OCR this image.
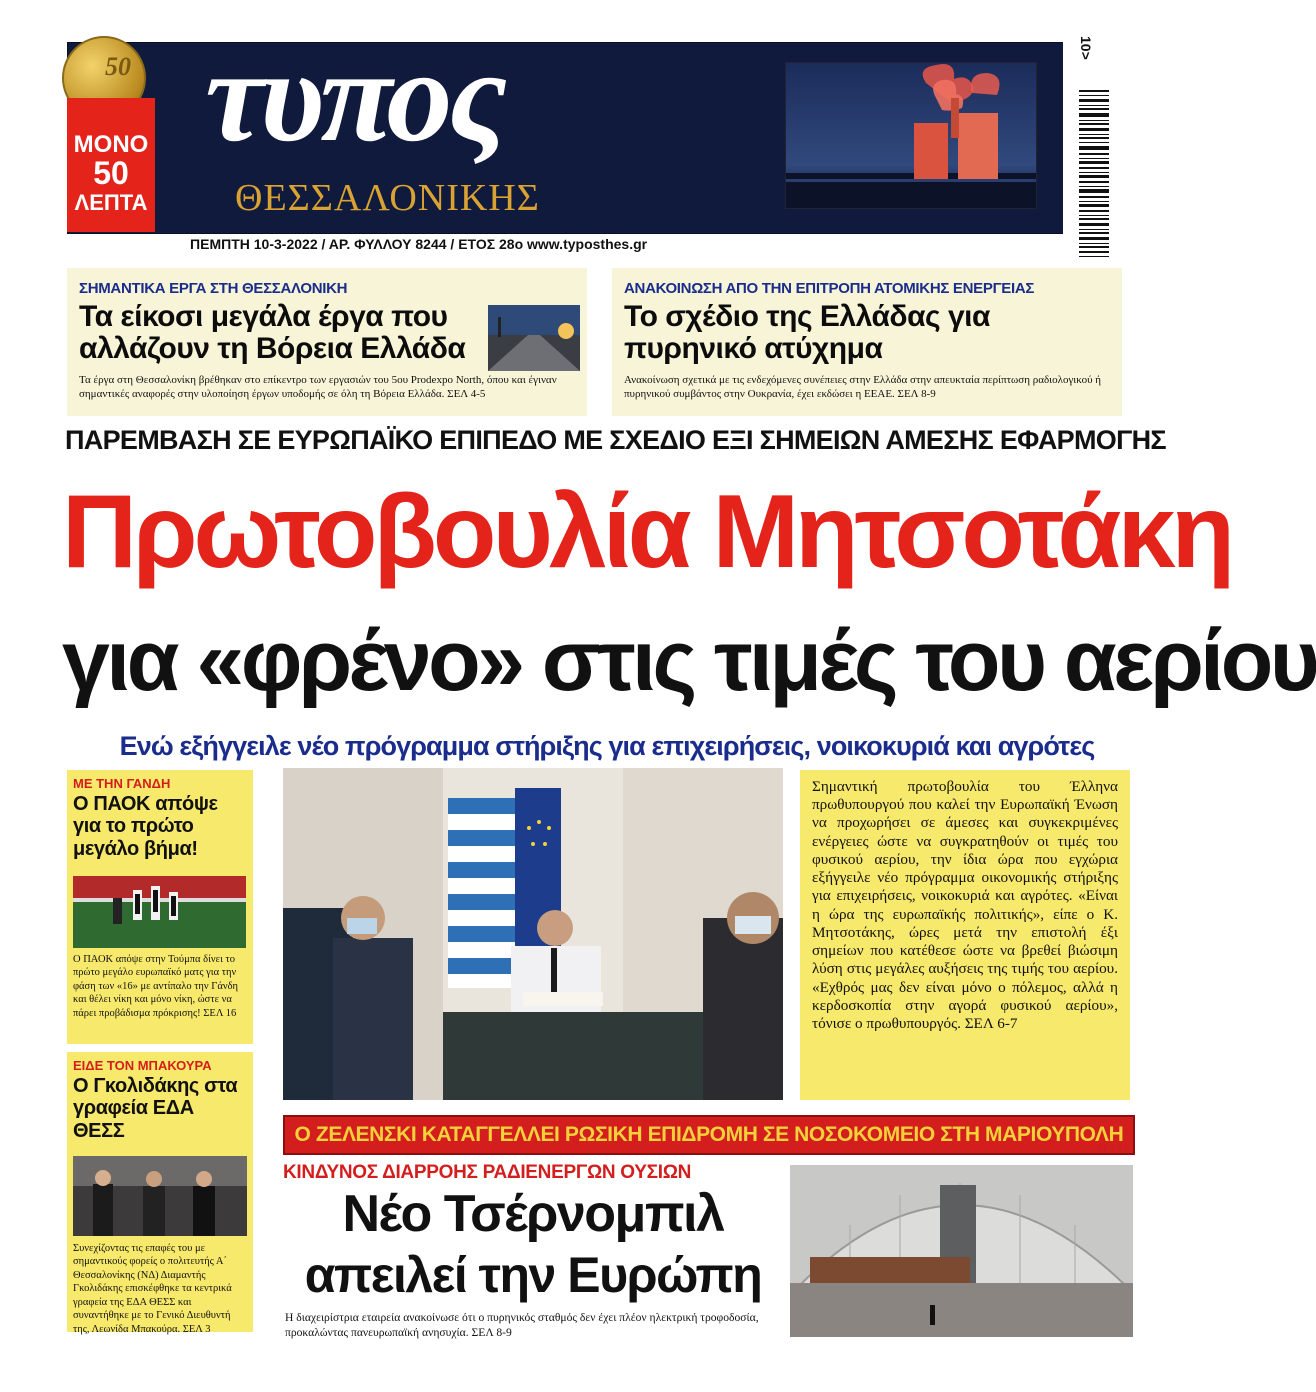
50
ΜΟΝΟ
50
ΛΕΠΤΑ
τυπος
ΘΕΣΣΑΛΟΝΙΚΗΣ
ΠΕΜΠΤΗ 10-3-2022 / ΑΡ. ΦΥΛΛΟΥ 8244 / ΕΤΟΣ 28ο www.typosthes.gr
10>
ΣΗΜΑΝΤΙΚΑ ΕΡΓΑ ΣΤΗ ΘΕΣΣΑΛΟΝΙΚΗ
Τα είκοσι μεγάλα έργα που αλλάζουν τη Βόρεια Ελλάδα
Τα έργα στη Θεσσαλονίκη βρέθηκαν στο επίκεντρο των εργασιών του 5ου Prodexpo North, όπου και έγιναν σημαντικές αναφορές στην υλοποίηση έργων υποδομής σε όλη τη Βόρεια Ελλάδα. ΣΕΛ 4-5
ΑΝΑΚΟΙΝΩΣΗ ΑΠΟ ΤΗΝ ΕΠΙΤΡΟΠΗ ΑΤΟΜΙΚΗΣ ΕΝΕΡΓΕΙΑΣ
Το σχέδιο της Ελλάδας για πυρηνικό ατύχημα
Ανακοίνωση σχετικά με τις ενδεχόμενες συνέπειες στην Ελλάδα στην απευκταία περίπτωση ραδιολογικού ή πυρηνικού συμβάντος στην Ουκρανία, έχει εκδώσει η ΕΕΑΕ. ΣΕΛ 8-9
ΠΑΡΕΜΒΑΣΗ ΣΕ ΕΥΡΩΠΑΪΚΟ ΕΠΙΠΕΔΟ ΜΕ ΣΧΕΔΙΟ ΕΞΙ ΣΗΜΕΙΩΝ ΑΜΕΣΗΣ ΕΦΑΡΜΟΓΗΣ
Πρωτοβουλία Μητσοτάκη
για «φρένο» στις τιμές του αερίου
Ενώ εξήγγειλε νέο πρόγραμμα στήριξης για επιχειρήσεις, νοικοκυριά και αγρότες
ΜΕ ΤΗΝ ΓΑΝΔΗ
Ο ΠΑΟΚ απόψε για το πρώτο μεγάλο βήμα!
Ο ΠΑΟΚ απόψε στην Τούμπα δίνει το πρώτο μεγάλο ευρωπαϊκό ματς για την φάση των «16» με αντίπαλο την Γάνδη και θέλει νίκη και μόνο νίκη, ώστε να πάρει προβάδισμα πρόκρισης! ΣΕΛ 16
ΕΙΔΕ ΤΟΝ ΜΠΑΚΟΥΡΑ
Ο Γκολιδάκης στα γραφεία ΕΔΑ ΘΕΣΣ
Συνεχίζοντας τις επαφές του με σημαντικούς φορείς ο πολιτευτής Α΄ Θεσσαλονίκης (ΝΔ) Διαμαντής Γκολιδάκης επισκέφθηκε τα κεντρικά γραφεία της ΕΔΑ ΘΕΣΣ και συναντήθηκε με το Γενικό Διευθυντή της, Λεωνίδα Μπακούρα. ΣΕΛ 3
Σημαντική πρωτοβουλία του Έλληνα πρωθυπουργού που καλεί την Ευρωπαϊκή Ένωση να προχωρήσει σε άμεσες και συγκεκριμένες ενέργειες ώστε να συγκρατηθούν οι τιμές του φυσικού αερίου, την ίδια ώρα που εγχώρια εξήγγειλε νέο πρόγραμμα οικονομικής στήριξης για επιχειρήσεις, νοικοκυριά και αγρότες. «Είναι η ώρα της ευρωπαϊκής πολιτικής», είπε ο Κ. Μητσοτάκης, ώρες μετά την επιστολή έξι σημείων που κατέθεσε ώστε να βρεθεί βιώσιμη λύση στις μεγάλες αυξήσεις της τιμής του αερίου. «Εχθρός μας δεν είναι μόνο ο πόλεμος, αλλά η κερδοσκοπία στην αγορά φυσικού αερίου», τόνισε ο πρωθυπουργός. ΣΕΛ 6-7
Ο ΖΕΛΕΝΣΚΙ ΚΑΤΑΓΓΕΛΛΕΙ ΡΩΣΙΚΗ ΕΠΙΔΡΟΜΗ ΣΕ ΝΟΣΟΚΟΜΕΙΟ ΣΤΗ ΜΑΡΙΟΥΠΟΛΗ
ΣΕΛ 8-9
ΚΙΝΔΥΝΟΣ ΔΙΑΡΡΟΗΣ ΡΑΔΙΕΝΕΡΓΩΝ ΟΥΣΙΩΝ
Νέο Τσέρνομπιλ
απειλεί την Ευρώπη
Η διαχειρίστρια εταιρεία ανακοίνωσε ότι ο πυρηνικός σταθμός δεν έχει πλέον ηλεκτρική τροφοδοσία, προκαλώντας πανευρωπαϊκή ανησυχία. ΣΕΛ 8-9
